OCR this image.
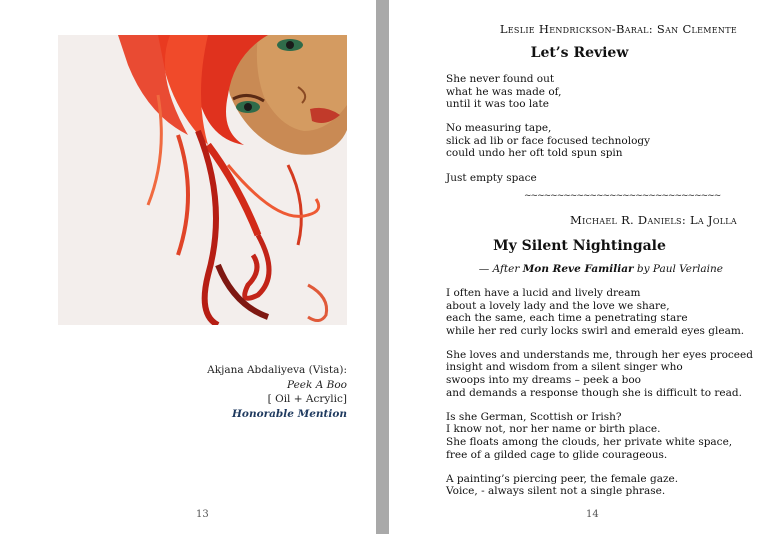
Akjana Abdaliyeva (Vista):
Peek A Boo
[ Oil + Acrylic]
Honorable Mention
13
Leslie Hendrickson-Baral: San Clemente
Let’s Review
She never found out
what he was made of,
until it was too late
No measuring tape,
slick ad lib or face focused technology
could undo her oft told spun spin
Just empty space
~~~~~~~~~~~~~~~~~~~~~~~~~~~~~~
Michael R. Daniels: La Jolla
My Silent Nightingale
— After Mon Reve Familiar by Paul Verlaine
I often have a lucid and lively dream
about a lovely lady and the love we share,
each the same, each time a penetrating stare
while her red curly locks swirl and emerald eyes gleam.
She loves and understands me, through her eyes proceed
insight and wisdom from a silent singer who
swoops into my dreams – peek a boo
and demands a response though she is difficult to read.
Is she German, Scottish or Irish?
I know not, nor her name or birth place.
She floats among the clouds, her private white space,
free of a gilded cage to glide courageous.
A painting’s piercing peer, the female gaze.
Voice, - always silent not a single phrase.
14
